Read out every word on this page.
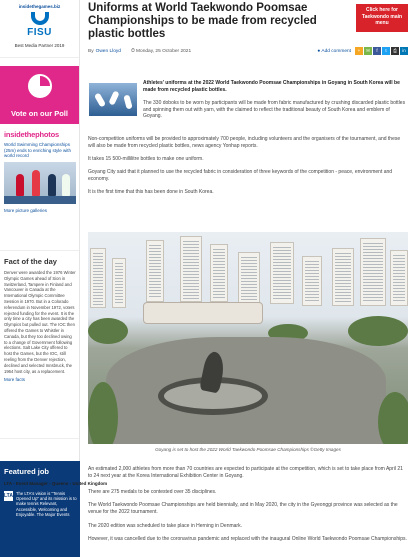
insidethegames.biz
FISU
Best Media Partner 2019
Vote on our Poll
insidethephotos
World Swimming Championships (25m) ends to enriching style with world record
More picture galleries
Fact of the day
Denver were awarded the 1976 Winter Olympic Games ahead of Sion in Switzerland, Tampere in Finland and Vancouver in Canada at the International Olympic Committee Session in 1970. But in a Colorado referendum in November 1972, voters rejected funding for the event. It is the only time a city has been awarded the Olympics but pulled out. The IOC then offered the Games to Whistler in Canada, but they too declined owing to a change of Government following elections. Salt Lake City offered to host the Games, but the IOC, still reeling from the Denver rejection, declined and selected Innsbruck, the 1964 host city, as a replacement.
More facts
Featured job
LTA - Event Manager - Queens - United Kingdom
LTA The LTA's vision is "Tennis Opened Up" and its mission is to make tennis Relevant, Accessible, Welcoming and Enjoyable. The Major Events
Uniforms at World Taekwondo Poomsae Championships to be made from recycled plastic bottles
Click here for Taekwondo main menu
By Owen Lloyd ⏱ Monday, 25 October 2021	● Add comment	+	✉	f	t	⎙	in

Athletes' uniforms at the 2022 World Taekwondo Poomsae Championships in Goyang in South Korea will be made from recycled plastic bottles.

The 330 doboks to be worn by participants will be made from fabric manufactured by crushing discarded plastic bottles and spinning them out with yarn, with the claimed to reflect the traditional beauty of South Korea and emblem of Goyang.

Non-competition uniforms will be provided to approximately 700 people, including volunteers and the organisers of the tournament, and these will also be made from recycled plastic bottles, news agency Yonhap reports.

It takes 15 500-millilitre bottles to make one uniform.

Goyang City said that it planned to use the recycled fabric in consideration of three keywords of the competition - peace, environment and economy.

It is the first time that this has been done in South Korea.

Goyang is set to host the 2022 World Taekwondo Poomsae Championships ©Getty Images

An estimated 2,000 athletes from more than 70 countries are expected to participate at the competition, which is set to take place from April 21 to 24 next year at the Korea International Exhibition Center in Goyang.

There are 275 medals to be contested over 35 disciplines.

The World Taekwondo Poomsae Championships are held biennially, and in May 2020, the city in the Gyeonggi province was selected as the venue for the 2022 tournament.

The 2020 edition was scheduled to take place in Herning in Denmark.

However, it was cancelled due to the coronavirus pandemic and replaced with the inaugural Online World Taekwondo Poomsae Championships.
